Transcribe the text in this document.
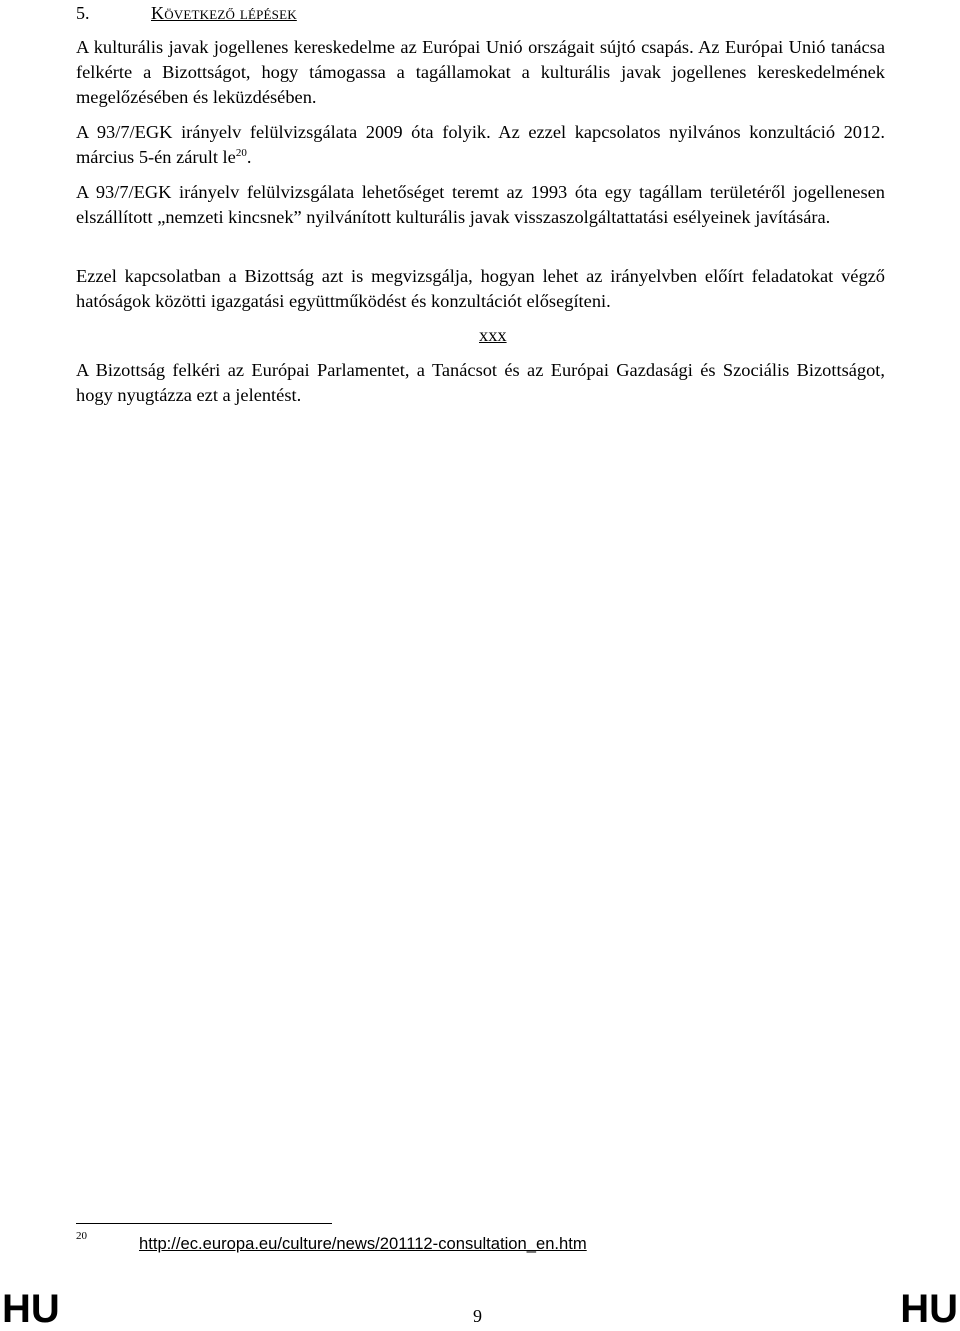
5.	Következő lépések

A kulturális javak jogellenes kereskedelme az Európai Unió országait sújtó csapás. Az Európai Unió tanácsa felkérte a Bizottságot, hogy támogassa a tagállamokat a kulturális javak jogellenes kereskedelmének megelőzésében és leküzdésében.

A 93/7/EGK irányelv felülvizsgálata 2009 óta folyik. Az ezzel kapcsolatos nyilvános konzultáció 2012. március 5-én zárult $le^{20}$.

A 93/7/EGK irányelv felülvizsgálata lehetőséget teremt az 1993 óta egy tagállam területéről jogellenesen elszállított „nemzeti kincsnek” nyilvánított kulturális javak visszaszolgáltattatási esélyeinek javítására.

Ezzel kapcsolatban a Bizottság azt is megvizsgálja, hogyan lehet az irányelvben előírt feladatokat végző hatóságok közötti igazgatási együttműködést és konzultációt elősegíteni.

xxx

A Bizottság felkéri az Európai Parlamentet, a Tanácsot és az Európai Gazdasági és Szociális Bizottságot, hogy nyugtázza ezt a jelentést.

20	http://ec.europa.eu/culture/news/201112-consultation_en.htm
HU	9	HU
